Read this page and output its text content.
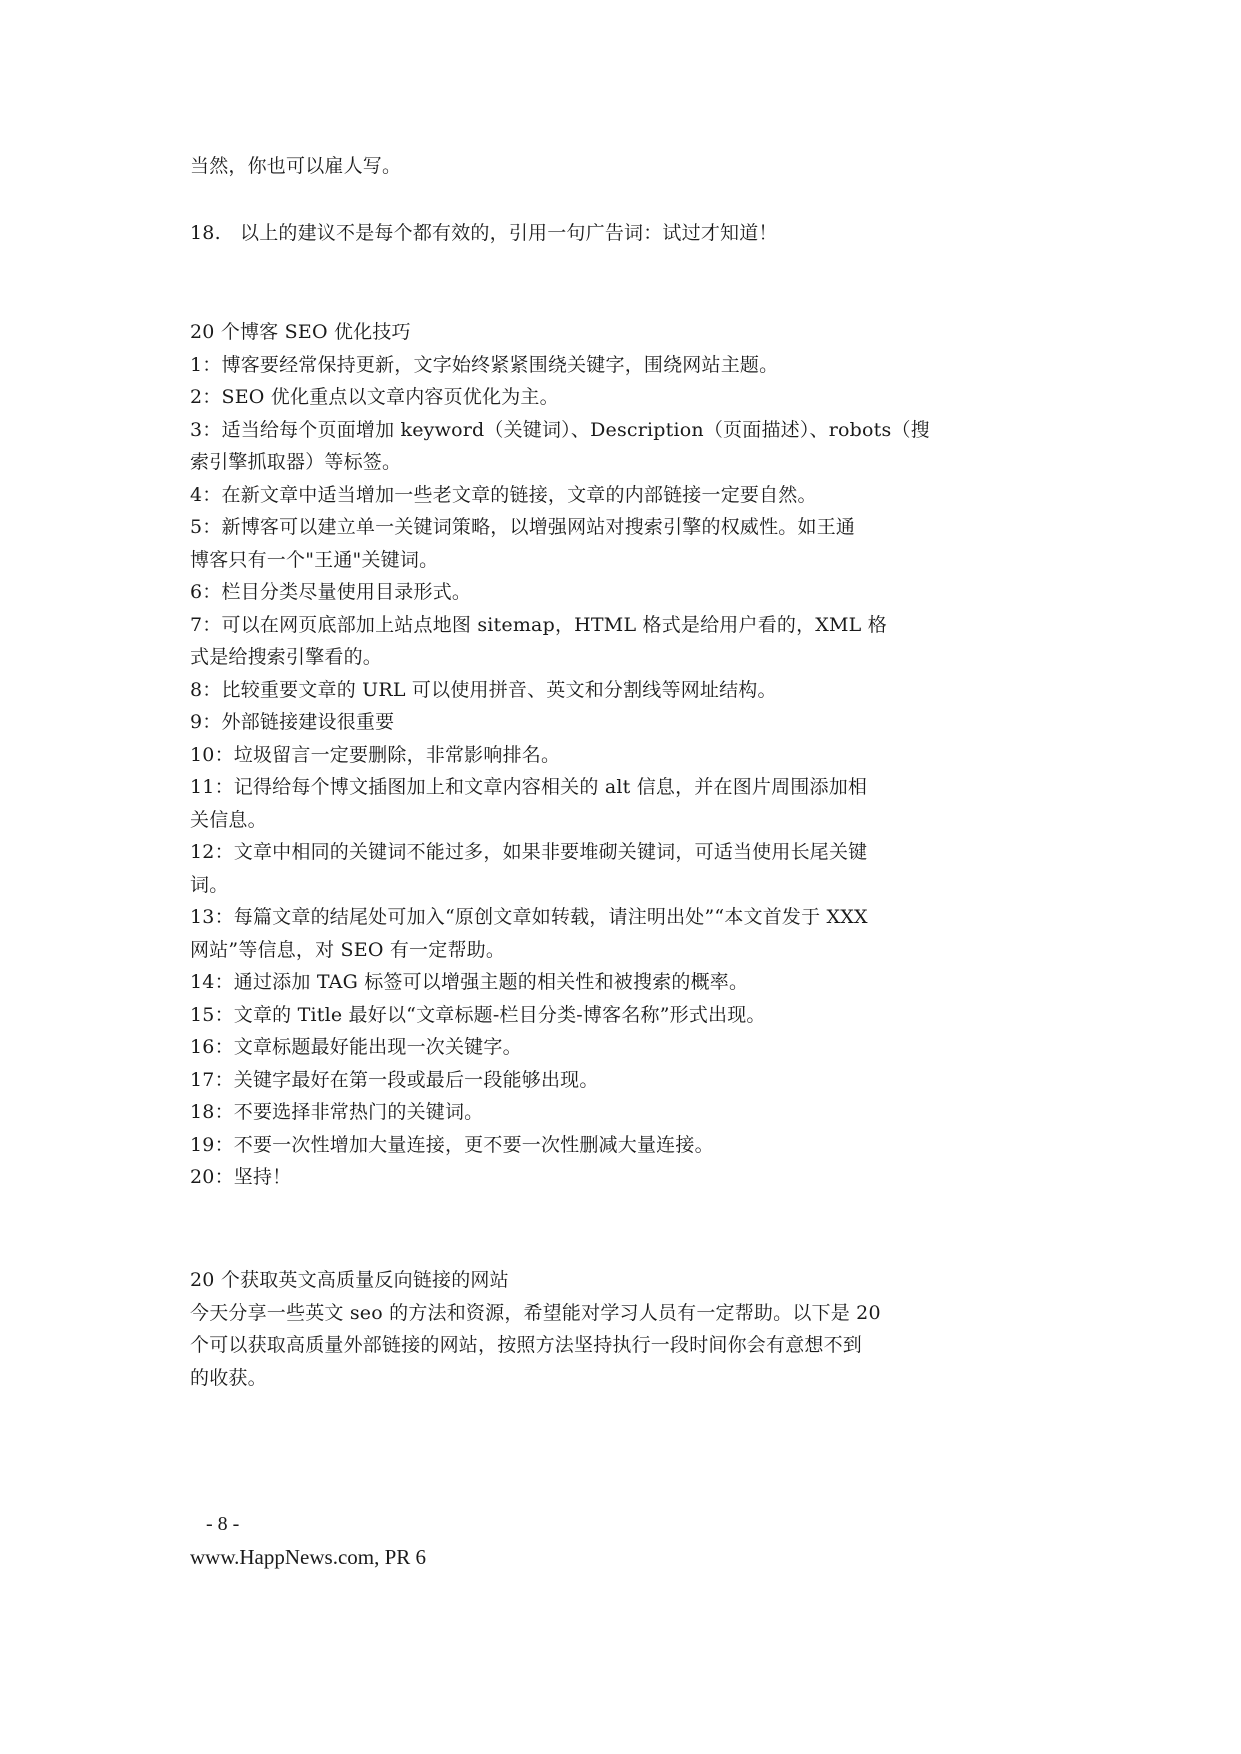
当然，你也可以雇人写。
18.　以上的建议不是每个都有效的，引用一句广告词：试过才知道！
20 个博客 SEO 优化技巧
1：博客要经常保持更新，文字始终紧紧围绕关键字，围绕网站主题。
2：SEO 优化重点以文章内容页优化为主。
3：适当给每个页面增加 keyword（关键词）、Description（页面描述）、robots（搜
索引擎抓取器）等标签。
4：在新文章中适当增加一些老文章的链接，文章的内部链接一定要自然。
5：新博客可以建立单一关键词策略，以增强网站对搜索引擎的权威性。如王通
博客只有一个"王通"关键词。
6：栏目分类尽量使用目录形式。
7：可以在网页底部加上站点地图 sitemap，HTML 格式是给用户看的，XML 格
式是给搜索引擎看的。
8：比较重要文章的 URL 可以使用拼音、英文和分割线等网址结构。
9：外部链接建设很重要
10：垃圾留言一定要删除，非常影响排名。
11：记得给每个博文插图加上和文章内容相关的 alt 信息，并在图片周围添加相
关信息。
12：文章中相同的关键词不能过多，如果非要堆砌关键词，可适当使用长尾关键
词。
13：每篇文章的结尾处可加入“原创文章如转载，请注明出处”“本文首发于 XXX
网站”等信息，对 SEO 有一定帮助。
14：通过添加 TAG 标签可以增强主题的相关性和被搜索的概率。
15：文章的 Title 最好以“文章标题-栏目分类-博客名称”形式出现。
16：文章标题最好能出现一次关键字。
17：关键字最好在第一段或最后一段能够出现。
18：不要选择非常热门的关键词。
19：不要一次性增加大量连接，更不要一次性删减大量连接。
20：坚持！
20 个获取英文高质量反向链接的网站
今天分享一些英文 seo 的方法和资源，希望能对学习人员有一定帮助。以下是 20
个可以获取高质量外部链接的网站，按照方法坚持执行一段时间你会有意想不到
的收获。
- 8 -
www.HappNews.com, PR 6
